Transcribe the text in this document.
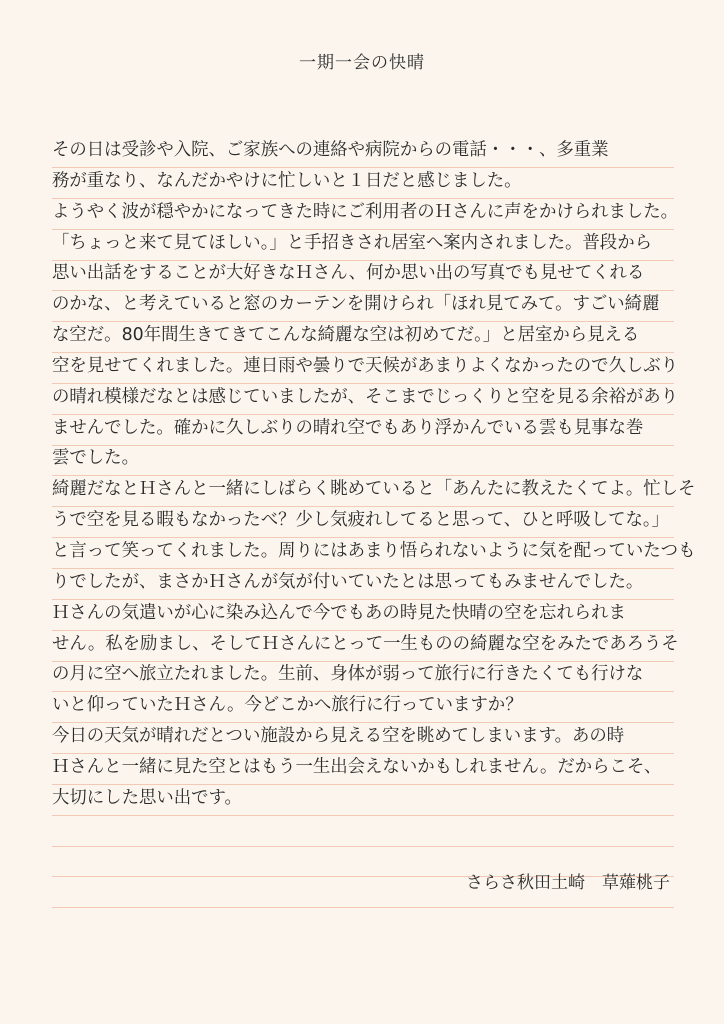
一期一会の快晴
その日は受診や入院、ご家族への連絡や病院からの電話・・・、多重業
務が重なり、なんだかやけに忙しいと１日だと感じました。
ようやく波が穏やかになってきた時にご利用者のＨさんに声をかけられました。
「ちょっと来て見てほしい。」と手招きされ居室へ案内されました。普段から
思い出話をすることが大好きなＨさん、何か思い出の写真でも見せてくれる
のかな、と考えていると窓のカーテンを開けられ「ほれ見てみて。すごい綺麗
な空だ。80年間生きてきてこんな綺麗な空は初めてだ。」と居室から見える
空を見せてくれました。連日雨や曇りで天候があまりよくなかったので久しぶり
の晴れ模様だなとは感じていましたが、そこまでじっくりと空を見る余裕があり
ませんでした。確かに久しぶりの晴れ空でもあり浮かんでいる雲も見事な巻
雲でした。
綺麗だなとＨさんと一緒にしばらく眺めていると「あんたに教えたくてよ。忙しそ
うで空を見る暇もなかったべ？少し気疲れしてると思って、ひと呼吸してな。」
と言って笑ってくれました。周りにはあまり悟られないように気を配っていたつも
りでしたが、まさかＨさんが気が付いていたとは思ってもみませんでした。
Ｈさんの気遣いが心に染み込んで今でもあの時見た快晴の空を忘れられま
せん。私を励まし、そしてＨさんにとって一生ものの綺麗な空をみたであろうそ
の月に空へ旅立たれました。生前、身体が弱って旅行に行きたくても行けな
いと仰っていたＨさん。今どこかへ旅行に行っていますか？
今日の天気が晴れだとつい施設から見える空を眺めてしまいます。あの時
Ｈさんと一緒に見た空とはもう一生出会えないかもしれません。だからこそ、
大切にした思い出です。
さらさ秋田土崎　草薙桃子
